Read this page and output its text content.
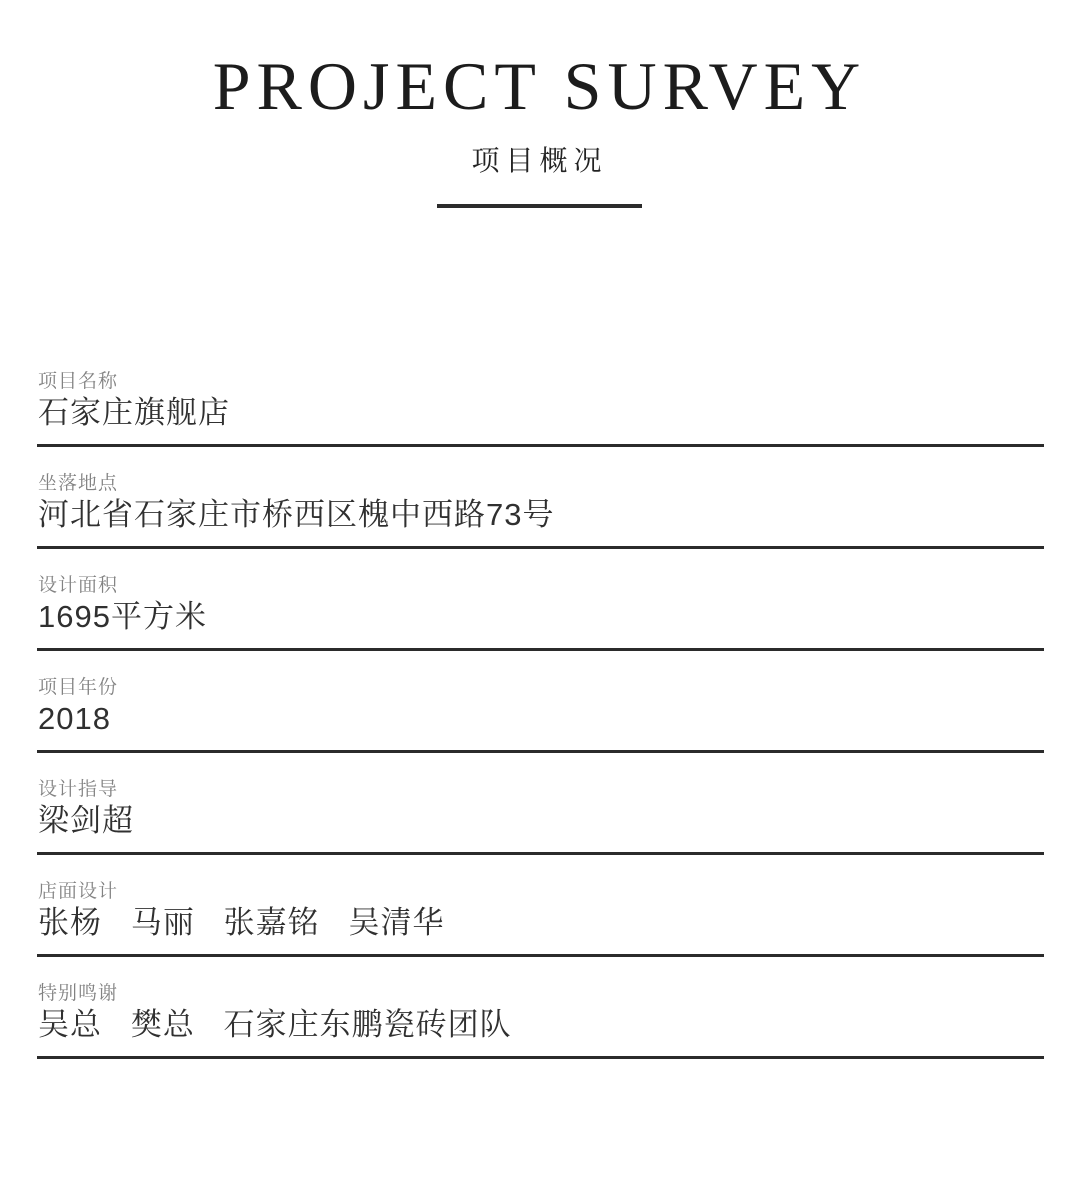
PROJECT SURVEY
项目概况
项目名称
石家庄旗舰店
坐落地点
河北省石家庄市桥西区槐中西路73号
设计面积
1695平方米
项目年份
2018
设计指导
梁剑超
店面设计
张杨   马丽   张嘉铭   吴清华
特别鸣谢
吴总   樊总   石家庄东鹏瓷砖团队
